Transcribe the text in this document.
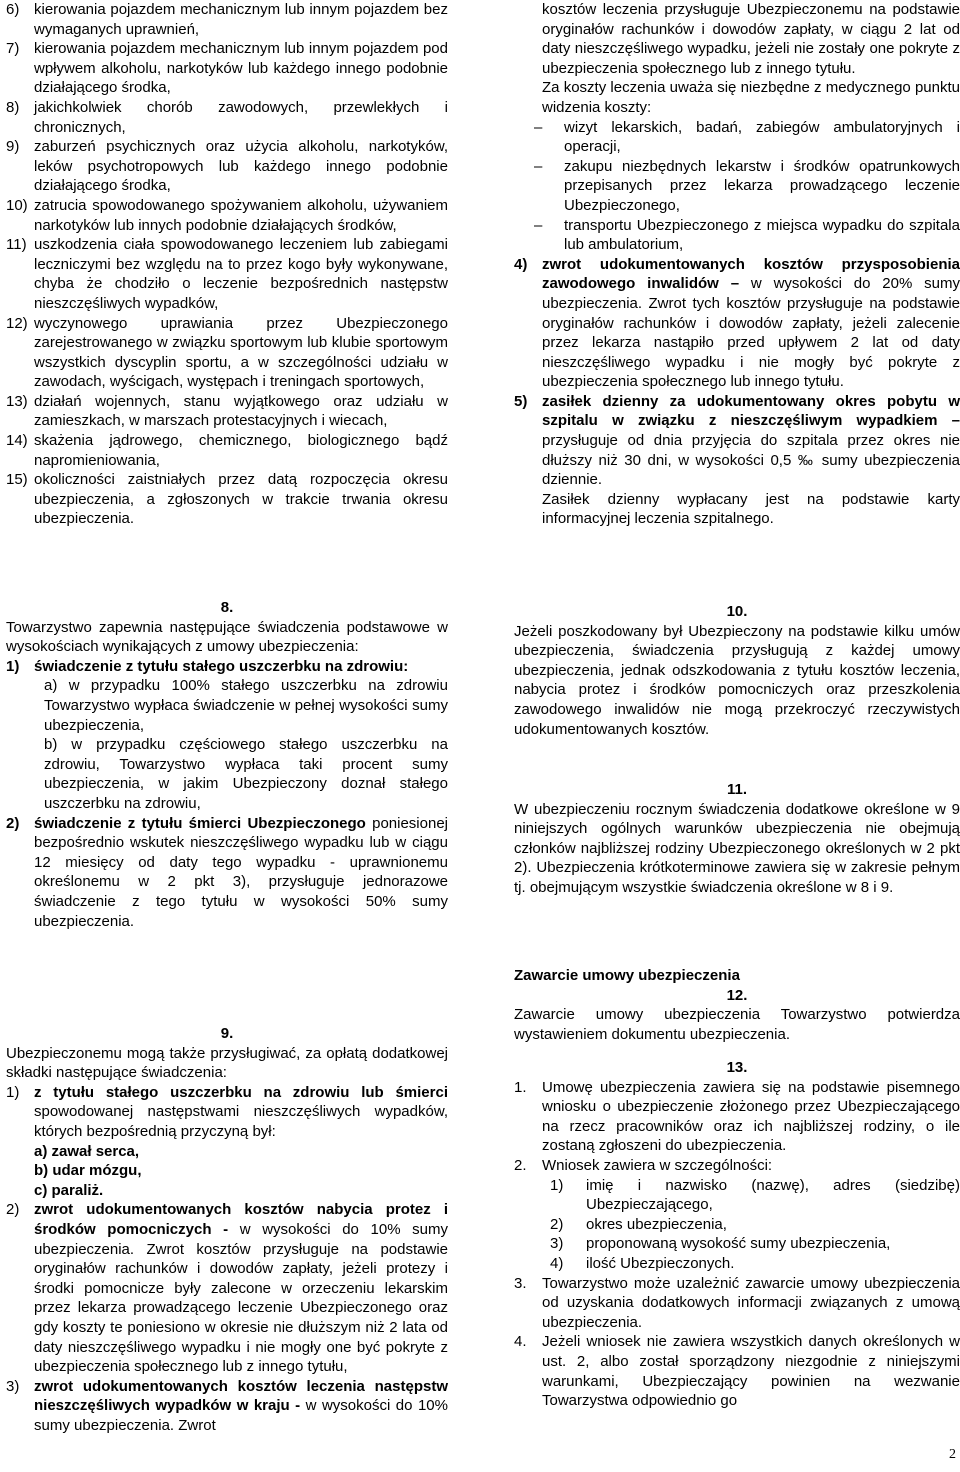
6) kierowania pojazdem mechanicznym lub innym pojazdem bez wymaganych uprawnień,
7) kierowania pojazdem mechanicznym lub innym pojazdem pod wpływem alkoholu, narkotyków lub każdego innego podobnie działającego środka,
8) jakichkolwiek chorób zawodowych, przewlekłych i chronicznych,
9) zaburzeń psychicznych oraz użycia alkoholu, narkotyków, leków psychotropowych lub każdego innego podobnie działającego środka,
10) zatrucia spowodowanego spożywaniem alkoholu, używaniem narkotyków lub innych podobnie działających środków,
11) uszkodzenia ciała spowodowanego leczeniem lub zabiegami leczniczymi bez względu na to przez kogo były wykonywane, chyba że chodziło o leczenie bezpośrednich następstw nieszczęśliwych wypadków,
12) wyczynowego uprawiania przez Ubezpieczonego zarejestrowanego w związku sportowym lub klubie sportowym wszystkich dyscyplin sportu, a w szczególności udziału w zawodach, wyścigach, występach i treningach sportowych,
13) działań wojennych, stanu wyjątkowego oraz udziału w zamieszkach, w marszach protestacyjnych i wiecach,
14) skażenia jądrowego, chemicznego, biologicznego bądź napromieniowania,
15) okoliczności zaistniałych przez datą rozpoczęcia okresu ubezpieczenia, a zgłoszonych w trakcie trwania okresu ubezpieczenia.
8.
Towarzystwo zapewnia następujące świadczenia podstawowe w wysokościach wynikających z umowy ubezpieczenia:
1) świadczenie z tytułu stałego uszczerbku na zdrowiu:
a) w przypadku 100% stałego uszczerbku na zdrowiu Towarzystwo wypłaca świadczenie w pełnej wysokości sumy ubezpieczenia,
b) w przypadku częściowego stałego uszczerbku na zdrowiu, Towarzystwo wypłaca taki procent sumy ubezpieczenia, w jakim Ubezpieczony doznał stałego uszczerbku na zdrowiu,
2) świadczenie z tytułu śmierci Ubezpieczonego poniesionej bezpośrednio wskutek nieszczęśliwego wypadku lub w ciągu 12 miesięcy od daty tego wypadku - uprawnionemu określonemu w 2 pkt 3), przysługuje jednorazowe świadczenie z tego tytułu w wysokości 50% sumy ubezpieczenia.
9.
Ubezpieczonemu mogą także przysługiwać, za opłatą dodatkowej składki następujące świadczenia:
1) z tytułu stałego uszczerbku na zdrowiu lub śmierci spowodowanej następstwami nieszczęśliwych wypadków, których bezpośrednią przyczyną był:
a) zawał serca,
b) udar mózgu,
c) paraliż.
2) zwrot udokumentowanych kosztów nabycia protez i środków pomocniczych - w wysokości do 10% sumy ubezpieczenia. Zwrot kosztów przysługuje na podstawie oryginałów rachunków i dowodów zapłaty, jeżeli protezy i środki pomocnicze były zalecone w orzeczeniu lekarskim przez lekarza prowadzącego leczenie Ubezpieczonego oraz gdy koszty te poniesiono w okresie nie dłuższym niż 2 lata od daty nieszczęśliwego wypadku i nie mogły one być pokryte z ubezpieczenia społecznego lub z innego tytułu,
3) zwrot udokumentowanych kosztów leczenia następstw nieszczęśliwych wypadków w kraju - w wysokości do 10% sumy ubezpieczenia. Zwrot
kosztów leczenia przysługuje Ubezpieczonemu na podstawie oryginałów rachunków i dowodów zapłaty, w ciągu 2 lat od daty nieszczęśliwego wypadku, jeżeli nie zostały one pokryte z ubezpieczenia społecznego lub z innego tytułu.
Za koszty leczenia uważa się niezbędne z medycznego punktu widzenia koszty:
– wizyt lekarskich, badań, zabiegów ambulatoryjnych i operacji,
– zakupu niezbędnych lekarstw i środków opatrunkowych przepisanych przez lekarza prowadzącego leczenie Ubezpieczonego,
– transportu Ubezpieczonego z miejsca wypadku do szpitala lub ambulatorium,
4) zwrot udokumentowanych kosztów przysposobienia zawodowego inwalidów – w wysokości do 20% sumy ubezpieczenia. Zwrot tych kosztów przysługuje na podstawie oryginałów rachunków i dowodów zapłaty, jeżeli zalecenie przez lekarza nastąpiło przed upływem 2 lat od daty nieszczęśliwego wypadku i nie mogły być pokryte z ubezpieczenia społecznego lub innego tytułu.
5) zasiłek dzienny za udokumentowany okres pobytu w szpitalu w związku z nieszczęśliwym wypadkiem – przysługuje od dnia przyjęcia do szpitala przez okres nie dłuższy niż 30 dni, w wysokości 0,5 ‰ sumy ubezpieczenia dziennie.
Zasiłek dzienny wypłacany jest na podstawie karty informacyjnej leczenia szpitalnego.
10.
Jeżeli poszkodowany był Ubezpieczony na podstawie kilku umów ubezpieczenia, świadczenia przysługują z każdej umowy ubezpieczenia, jednak odszkodowania z tytułu kosztów leczenia, nabycia protez i środków pomocniczych oraz przeszkolenia zawodowego inwalidów nie mogą przekroczyć rzeczywistych udokumentowanych kosztów.
11.
W ubezpieczeniu rocznym świadczenia dodatkowe określone w 9 niniejszych ogólnych warunków ubezpieczenia nie obejmują członków najbliższej rodziny Ubezpieczonego określonych w 2 pkt 2). Ubezpieczenia krótkoterminowe zawiera się w zakresie pełnym tj. obejmującym wszystkie świadczenia określone w 8 i 9.
Zawarcie umowy ubezpieczenia
12.
Zawarcie umowy ubezpieczenia Towarzystwo potwierdza wystawieniem dokumentu ubezpieczenia.
13.
1. Umowę ubezpieczenia zawiera się na podstawie pisemnego wniosku o ubezpieczenie złożonego przez Ubezpieczającego na rzecz pracowników oraz ich najbliższej rodziny, o ile zostaną zgłoszeni do ubezpieczenia.
2. Wniosek zawiera w szczególności:
1) imię i nazwisko (nazwę), adres (siedzibę) Ubezpieczającego,
2) okres ubezpieczenia,
3) proponowaną wysokość sumy ubezpieczenia,
4) ilość Ubezpieczonych.
3. Towarzystwo może uzależnić zawarcie umowy ubezpieczenia od uzyskania dodatkowych informacji związanych z umową ubezpieczenia.
4. Jeżeli wniosek nie zawiera wszystkich danych określonych w ust. 2, albo został sporządzony niezgodnie z niniejszymi warunkami, Ubezpieczający powinien na wezwanie Towarzystwa odpowiednio go
2
